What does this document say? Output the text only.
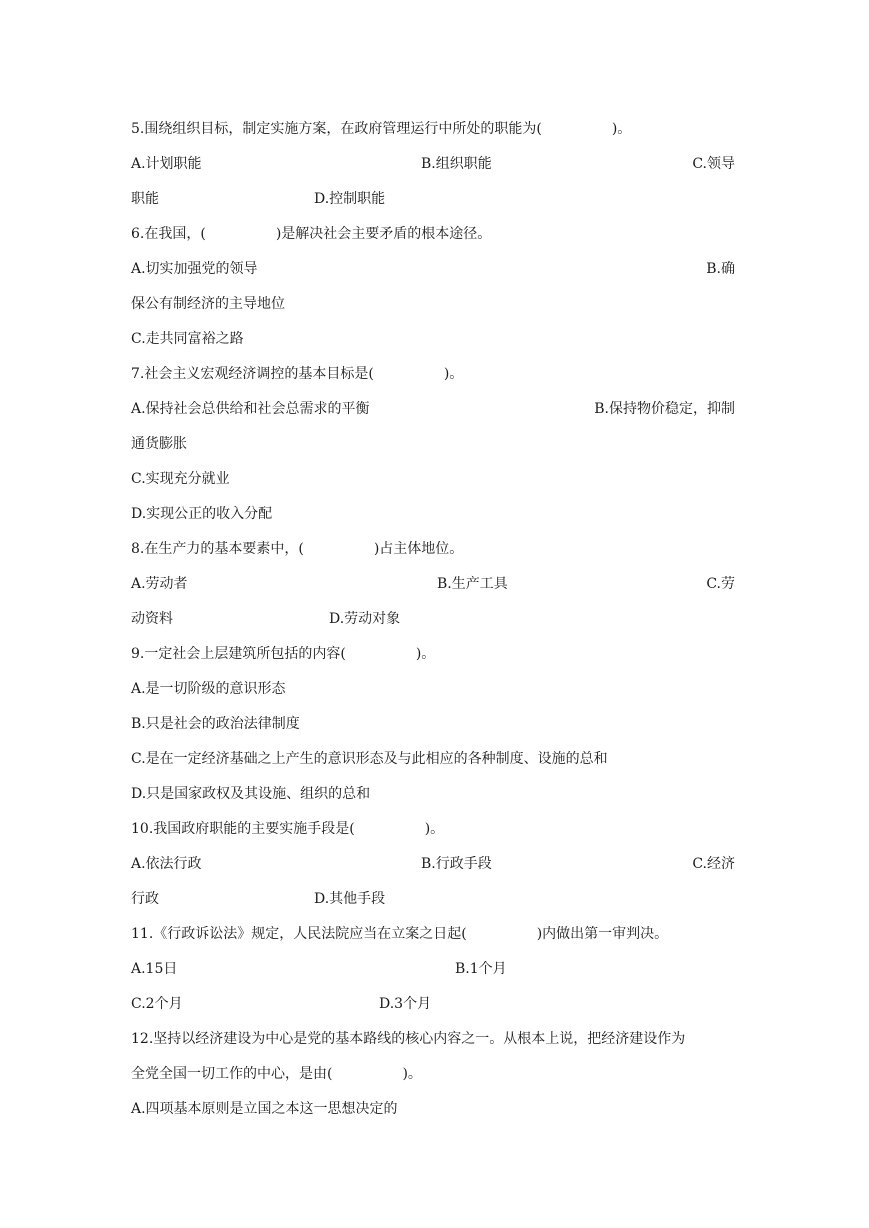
5.围绕组织目标，制定实施方案，在政府管理运行中所处的职能为(　　　　　)。

A.计划职能

	B.组织职能

	C.领导

职能

	D.控制职能

6.在我国，(　　　　　)是解决社会主要矛盾的根本途径。

A.切实加强党的领导

	B.确

保公有制经济的主导地位
C.走共同富裕之路
7.社会主义宏观经济调控的基本目标是(　　　　　)。

A.保持社会总供给和社会总需求的平衡

	B.保持物价稳定，抑制

通货膨胀
C.实现充分就业
D.实现公正的收入分配
8.在生产力的基本要素中，(　　　　　)占主体地位。

A.劳动者

	B.生产工具

	C.劳

动资料

	D.劳动对象

9.一定社会上层建筑所包括的内容(　　　　　)。
A.是一切阶级的意识形态
B.只是社会的政治法律制度
C.是在一定经济基础之上产生的意识形态及与此相应的各种制度、设施的总和
D.只是国家政权及其设施、组织的总和
10.我国政府职能的主要实施手段是(　　　　　)。

A.依法行政

	B.行政手段

	C.经济

行政

	D.其他手段

11.《行政诉讼法》规定，人民法院应当在立案之日起(　　　　　)内做出第一审判决。

A.15日

	B.1个月

C.2个月

	D.3个月

12.坚持以经济建设为中心是党的基本路线的核心内容之一。从根本上说，把经济建设作为
全党全国一切工作的中心，是由(　　　　　)。
A.四项基本原则是立国之本这一思想决定的
